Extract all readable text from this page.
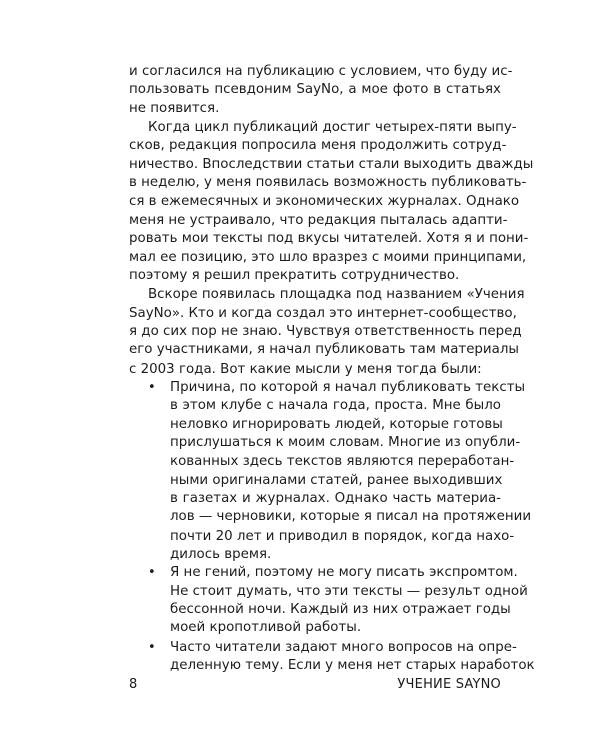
и согласился на публикацию с условием, что буду ис-
пользовать псевдоним SayNo, а мое фото в статьях
не появится.
Когда цикл публикаций достиг четырех-пяти выпу-
сков, редакция попросила меня продолжить сотруд-
ничество. Впоследствии статьи стали выходить дважды
в неделю, у меня появилась возможность публиковать-
ся в ежемесячных и экономических журналах. Однако
меня не устраивало, что редакция пыталась адапти-
ровать мои тексты под вкусы читателей. Хотя я и пони-
мал ее позицию, это шло вразрез с моими принципами,
поэтому я решил прекратить сотрудничество.
Вскоре появилась площадка под названием «Учения
SayNo». Кто и когда создал это интернет-сообщество,
я до сих пор не знаю. Чувствуя ответственность перед
его участниками, я начал публиковать там материалы
с 2003 года. Вот какие мысли у меня тогда были:
• Причина, по которой я начал публиковать тексты
в этом клубе с начала года, проста. Мне было
неловко игнорировать людей, которые готовы
прислушаться к моим словам. Многие из опубли-
кованных здесь текстов являются переработан-
ными оригиналами статей, ранее выходивших
в газетах и журналах. Однако часть материа-
лов — черновики, которые я писал на протяжении
почти 20 лет и приводил в порядок, когда нахо-
дилось время.
• Я не гений, поэтому не могу писать экспромтом.
Не стоит думать, что эти тексты — результ одной
бессонной ночи. Каждый из них отражает годы
моей кропотливой работы.
• Часто читатели задают много вопросов на опре-
деленную тему. Если у меня нет старых наработок
8	УЧЕНИЕ SAYNO
